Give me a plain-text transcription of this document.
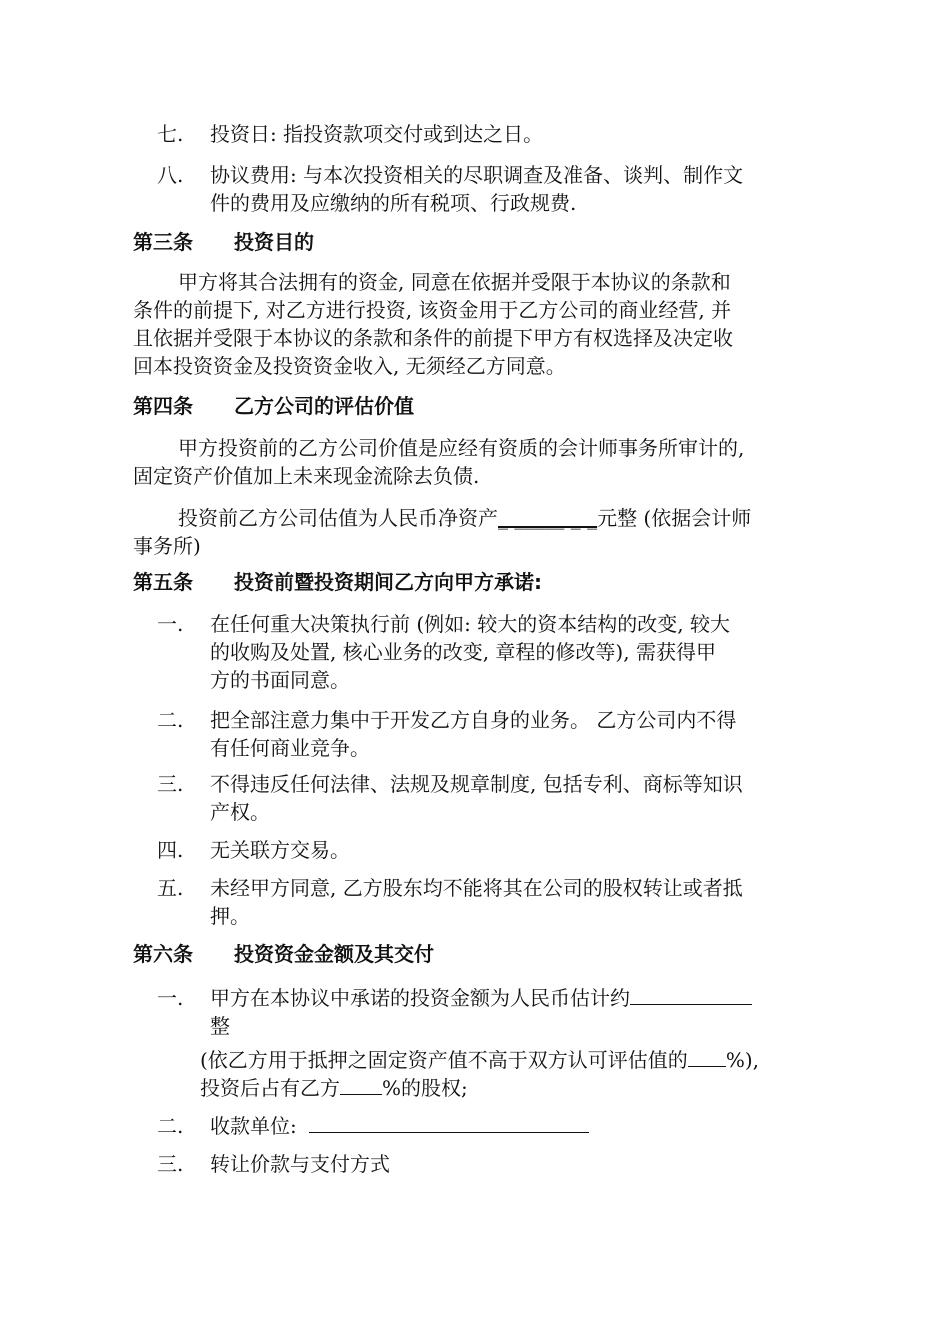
七. 投资日: 指投资款项交付或到达之日。
八. 协议费用: 与本次投资相关的尽职调查及准备、谈判、制作文
件的费用及应缴纳的所有税项、行政规费.
第三条 投资目的
甲方将其合法拥有的资金, 同意在依据并受限于本协议的条款和
条件的前提下, 对乙方进行投资, 该资金用于乙方公司的商业经营, 并
且依据并受限于本协议的条款和条件的前提下甲方有权选择及决定收
回本投资资金及投资资金收入, 无须经乙方同意。
第四条 乙方公司的评估价值
甲方投资前的乙方公司价值是应经有资质的会计师事务所审计的,
固定资产价值加上未来现金流除去负债.
投资前乙方公司估值为人民币净资产_ _____ _ _元整 (依据会计师
事务所)
第五条 投资前暨投资期间乙方向甲方承诺:
一. 在任何重大决策执行前 (例如: 较大的资本结构的改变, 较大
的收购及处置, 核心业务的改变, 章程的修改等), 需获得甲
方的书面同意。
二. 把全部注意力集中于开发乙方自身的业务。 乙方公司内不得
有任何商业竞争。
三. 不得违反任何法律、法规及规章制度, 包括专利、商标等知识
产权。
四. 无关联方交易。
五. 未经甲方同意, 乙方股东均不能将其在公司的股权转让或者抵
押。
第六条 投资资金金额及其交付
一. 甲方在本协议中承诺的投资金额为人民币估计约
整
(依乙方用于抵押之固定资产值不高于双方认可评估值的 %),
投资后占有乙方 %的股权;
二. 收款单位:
三. 转让价款与支付方式
